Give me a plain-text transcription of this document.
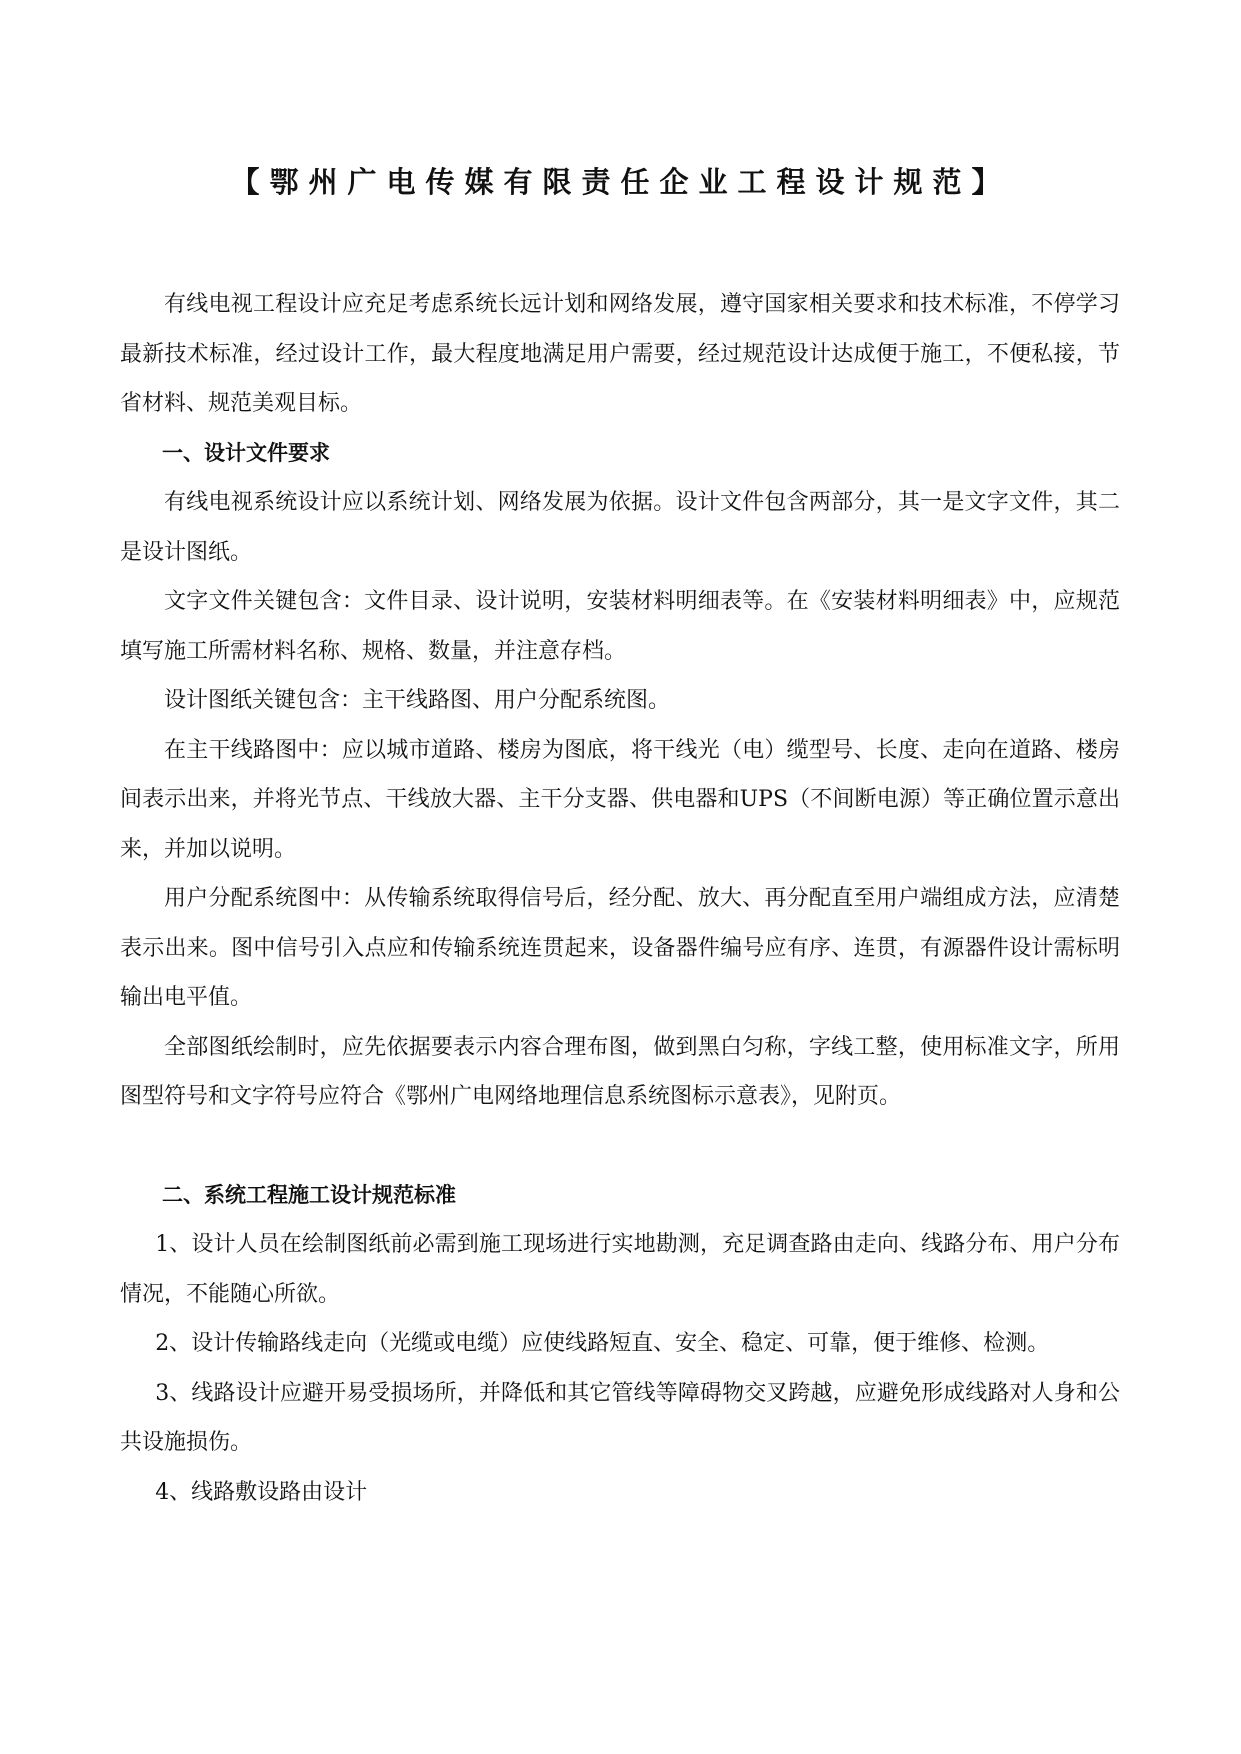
【鄂州广电传媒有限责任企业工程设计规范】

有线电视工程设计应充足考虑系统长远计划和网络发展，遵守国家相关要求和技术标准，不停学习最新技术标准，经过设计工作，最大程度地满足用户需要，经过规范设计达成便于施工，不便私接，节省材料、规范美观目标。

一、设计文件要求

有线电视系统设计应以系统计划、网络发展为依据。设计文件包含两部分，其一是文字文件，其二是设计图纸。

文字文件关键包含：文件目录、设计说明，安装材料明细表等。在《安装材料明细表》中，应规范填写施工所需材料名称、规格、数量，并注意存档。

设计图纸关键包含：主干线路图、用户分配系统图。

在主干线路图中：应以城市道路、楼房为图底，将干线光（电）缆型号、长度、走向在道路、楼房间表示出来，并将光节点、干线放大器、主干分支器、供电器和UPS（不间断电源）等正确位置示意出来，并加以说明。

用户分配系统图中：从传输系统取得信号后，经分配、放大、再分配直至用户端组成方法，应清楚表示出来。图中信号引入点应和传输系统连贯起来，设备器件编号应有序、连贯，有源器件设计需标明输出电平值。

全部图纸绘制时，应先依据要表示内容合理布图，做到黑白匀称，字线工整，使用标准文字，所用图型符号和文字符号应符合《鄂州广电网络地理信息系统图标示意表》，见附页。

二、系统工程施工设计规范标准

1、设计人员在绘制图纸前必需到施工现场进行实地勘测，充足调查路由走向、线路分布、用户分布情况，不能随心所欲。

2、设计传输路线走向（光缆或电缆）应使线路短直、安全、稳定、可靠，便于维修、检测。

3、线路设计应避开易受损场所，并降低和其它管线等障碍物交叉跨越，应避免形成线路对人身和公共设施损伤。

4、线路敷设路由设计
